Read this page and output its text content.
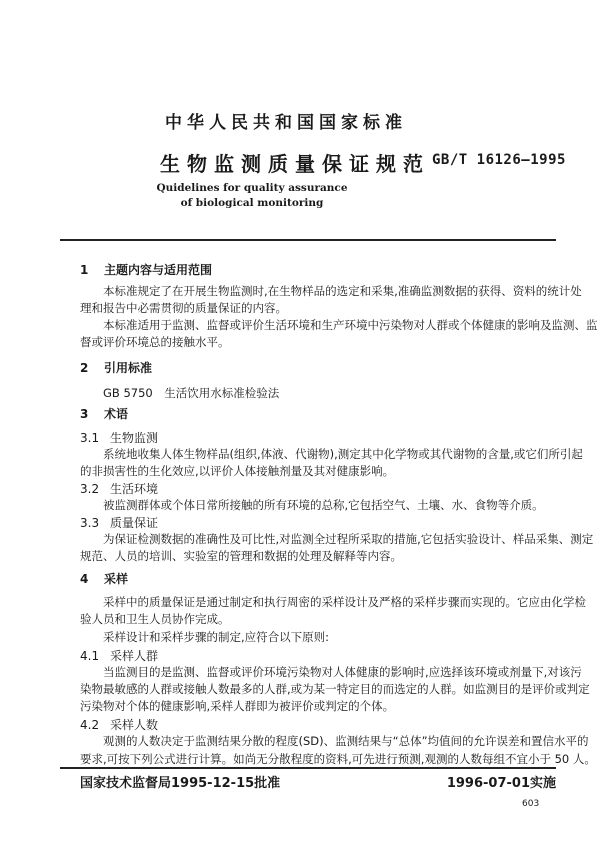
中华人民共和国国家标准
生物监测质量保证规范 GB/T 16126—1995
Quidelines for quality assurance
of biological monitoring
1 主题内容与适用范围
本标准规定了在开展生物监测时,在生物样品的选定和采集,准确监测数据的获得、资料的统计处
理和报告中必需贯彻的质量保证的内容。
本标准适用于监测、监督或评价生活环境和生产环境中污染物对人群或个体健康的影响及监测、监
督或评价环境总的接触水平。
2 引用标准
GB 5750　生活饮用水标准检验法
3 术语
3.1 生物监测
系统地收集人体生物样品(组织,体液、代谢物),测定其中化学物或其代谢物的含量,或它们所引起
的非损害性的生化效应,以评价人体接触剂量及其对健康影响。
3.2 生活环境
被监测群体或个体日常所接触的所有环境的总称,它包括空气、土壤、水、食物等介质。
3.3 质量保证
为保证检测数据的准确性及可比性,对监测全过程所采取的措施,它包括实验设计、样品采集、测定
规范、人员的培训、实验室的管理和数据的处理及解释等内容。
4 采样
采样中的质量保证是通过制定和执行周密的采样设计及严格的采样步骤而实现的。它应由化学检
验人员和卫生人员协作完成。
采样设计和采样步骤的制定,应符合以下原则:
4.1 采样人群
当监测目的是监测、监督或评价环境污染物对人体健康的影响时,应选择该环境或剂量下,对该污
染物最敏感的人群或接触人数最多的人群,或为某一特定目的而选定的人群。如监测目的是评价或判定
污染物对个体的健康影响,采样人群即为被评价或判定的个体。
4.2 采样人数
观测的人数决定于监测结果分散的程度(SD)、监测结果与“总体”均值间的允许误差和置信水平的
要求,可按下列公式进行计算。如尚无分散程度的资料,可先进行预测,观测的人数每组不宜小于 50 人。
国家技术监督局1995-12-15批准	1996-07-01实施
603
